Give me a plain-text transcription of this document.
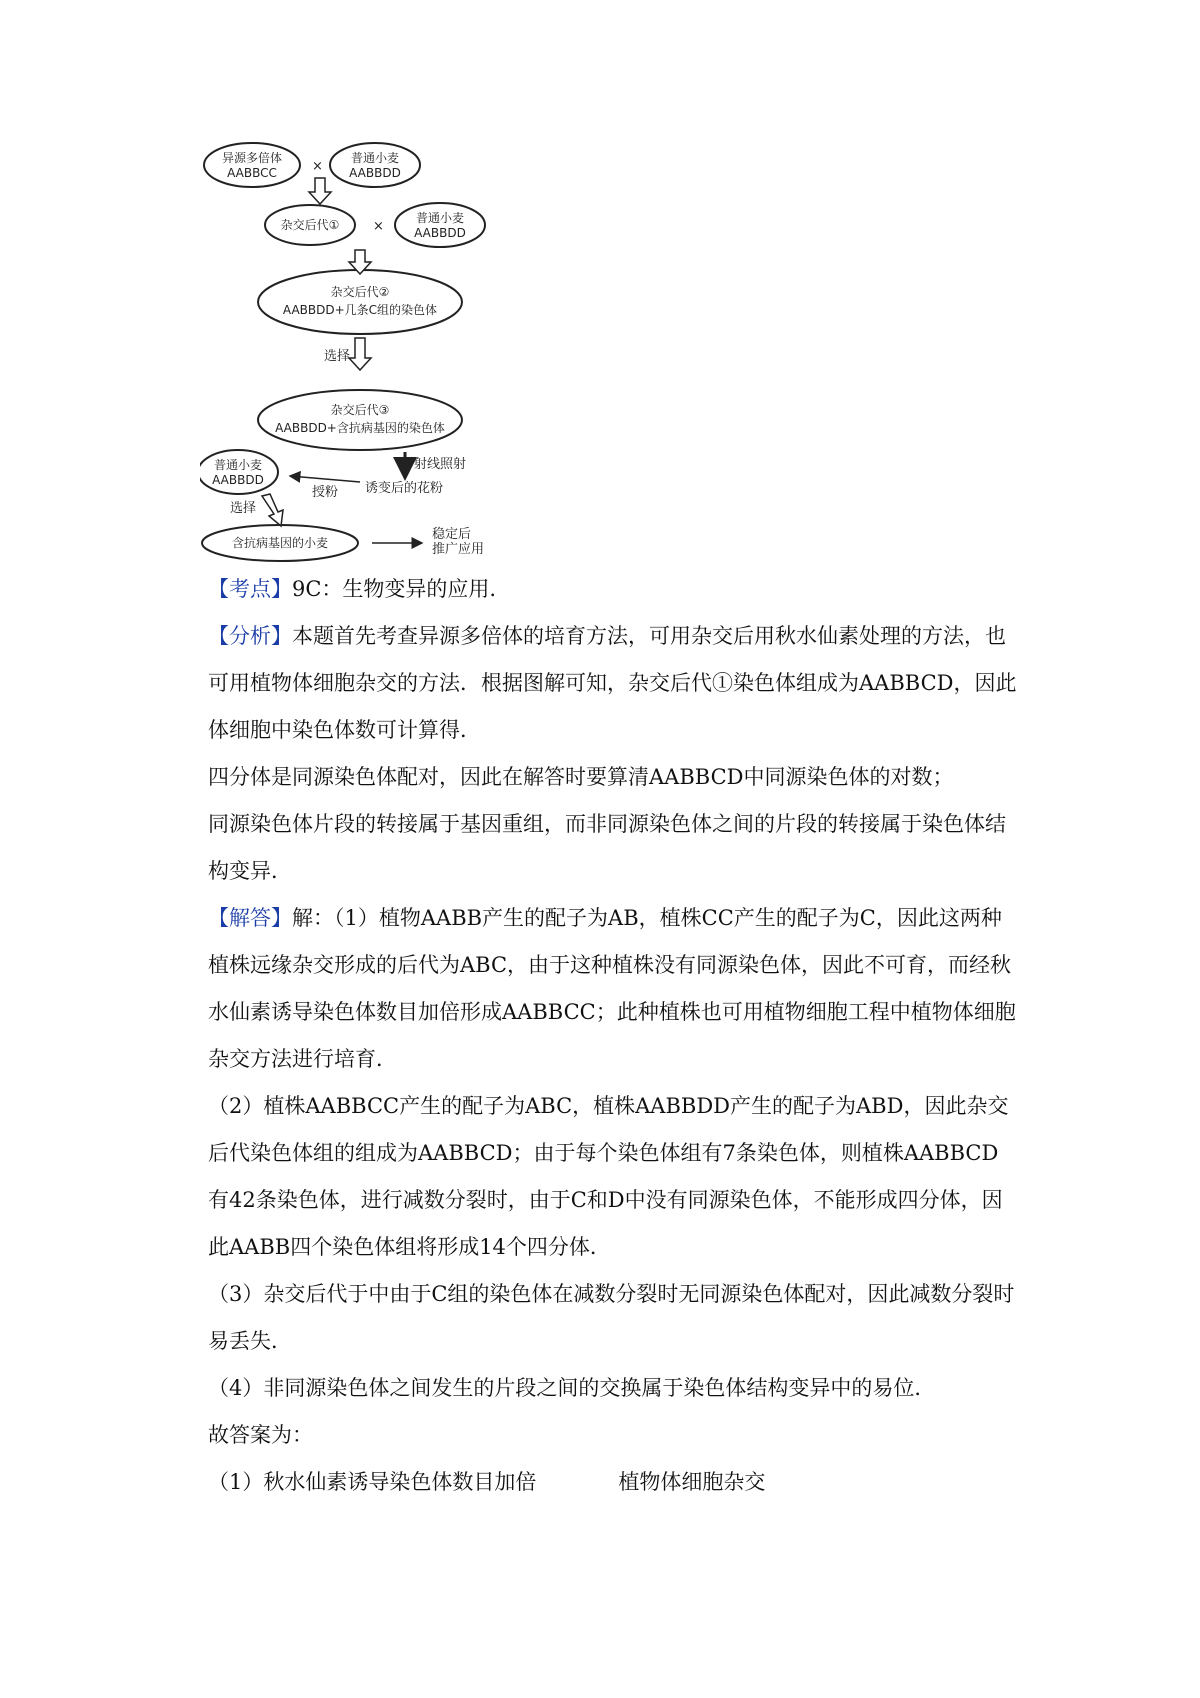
×
×
异源多倍体
AABBCC
普通小麦
AABBDD
杂交后代①	普通小麦
AABBDD
杂交后代②
AABBDD+几条C组的染色体
杂交后代③
AABBDD+含抗病基因的染色体
普通小麦
AABBDD
含抗病基因的小麦
选择
射线照射
授粉 诱变后的花粉
选择
稳定后
推广应用

【考点】9C：生物变异的应用.

【分析】本题首先考查异源多倍体的培育方法，可用杂交后用秋水仙素处理的方法，也可用植物体细胞杂交的方法．根据图解可知，杂交后代①染色体组成为AABBCD，因此体细胞中染色体数可计算得．

四分体是同源染色体配对，因此在解答时要算清AABBCD中同源染色体的对数；

同源染色体片段的转接属于基因重组，而非同源染色体之间的片段的转接属于染色体结构变异．

【解答】解：（1）植物AABB产生的配子为AB，植株CC产生的配子为C，因此这两种植株远缘杂交形成的后代为ABC，由于这种植株没有同源染色体，因此不可育，而经秋水仙素诱导染色体数目加倍形成AABBCC；此种植株也可用植物细胞工程中植物体细胞杂交方法进行培育．

（2）植株AABBCC产生的配子为ABC，植株AABBDD产生的配子为ABD，因此杂交后代染色体组的组成为AABBCD；由于每个染色体组有7条染色体，则植株AABBCD有42条染色体，进行减数分裂时，由于C和D中没有同源染色体，不能形成四分体，因此AABB四个染色体组将形成14个四分体．

（3）杂交后代于中由于C组的染色体在减数分裂时无同源染色体配对，因此减数分裂时易丢失．

（4）非同源染色体之间发生的片段之间的交换属于染色体结构变异中的易位．

故答案为：

（1）秋水仙素诱导染色体数目加倍	植物体细胞杂交
